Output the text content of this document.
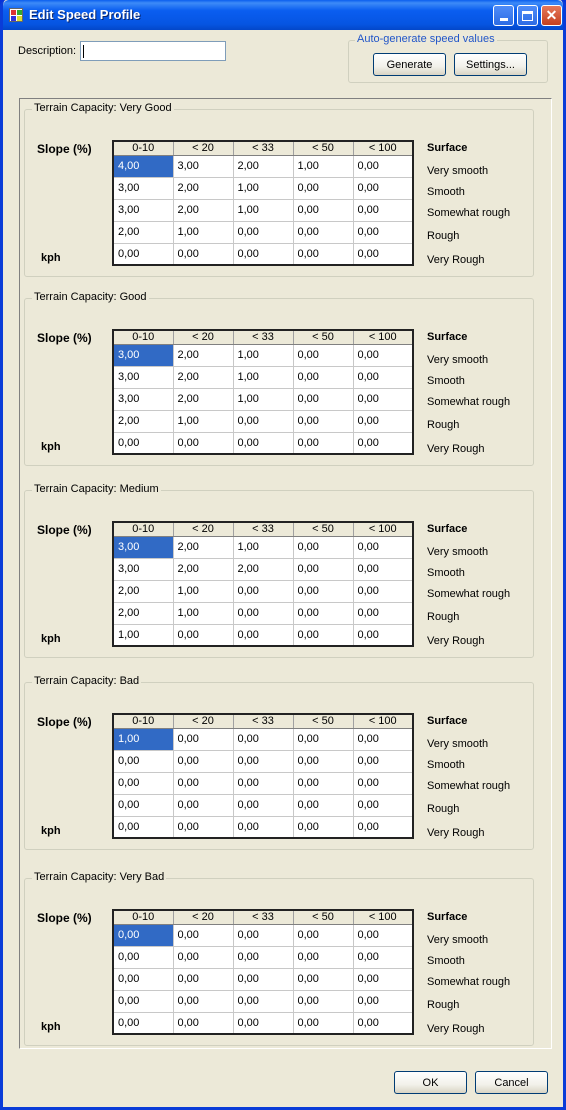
Edit Speed Profile	✕
Description:
Auto-generate speed values
Generate	Settings...
Terrain Capacity: Very Good
Slope (%)
kph
Surface
Very smooth
Smooth
Somewhat rough
Rough
Very Rough
0-10	< 20	< 33	< 50	< 100
4,00	3,00	2,00	1,00	0,00
3,00	2,00	1,00	0,00	0,00
3,00	2,00	1,00	0,00	0,00
2,00	1,00	0,00	0,00	0,00
0,00	0,00	0,00	0,00	0,00
Terrain Capacity: Good
Slope (%)
kph
Surface
Very smooth
Smooth
Somewhat rough
Rough
Very Rough
0-10	< 20	< 33	< 50	< 100
3,00	2,00	1,00	0,00	0,00
3,00	2,00	1,00	0,00	0,00
3,00	2,00	1,00	0,00	0,00
2,00	1,00	0,00	0,00	0,00
0,00	0,00	0,00	0,00	0,00
Terrain Capacity: Medium
Slope (%)
kph
Surface
Very smooth
Smooth
Somewhat rough
Rough
Very Rough
0-10	< 20	< 33	< 50	< 100
3,00	2,00	1,00	0,00	0,00
3,00	2,00	2,00	0,00	0,00
2,00	1,00	0,00	0,00	0,00
2,00	1,00	0,00	0,00	0,00
1,00	0,00	0,00	0,00	0,00
Terrain Capacity: Bad
Slope (%)
kph
Surface
Very smooth
Smooth
Somewhat rough
Rough
Very Rough
0-10	< 20	< 33	< 50	< 100
1,00	0,00	0,00	0,00	0,00
0,00	0,00	0,00	0,00	0,00
0,00	0,00	0,00	0,00	0,00
0,00	0,00	0,00	0,00	0,00
0,00	0,00	0,00	0,00	0,00
Terrain Capacity: Very Bad
Slope (%)
kph
Surface
Very smooth
Smooth
Somewhat rough
Rough
Very Rough
0-10	< 20	< 33	< 50	< 100
0,00	0,00	0,00	0,00	0,00
0,00	0,00	0,00	0,00	0,00
0,00	0,00	0,00	0,00	0,00
0,00	0,00	0,00	0,00	0,00
0,00	0,00	0,00	0,00	0,00
OK	Cancel
